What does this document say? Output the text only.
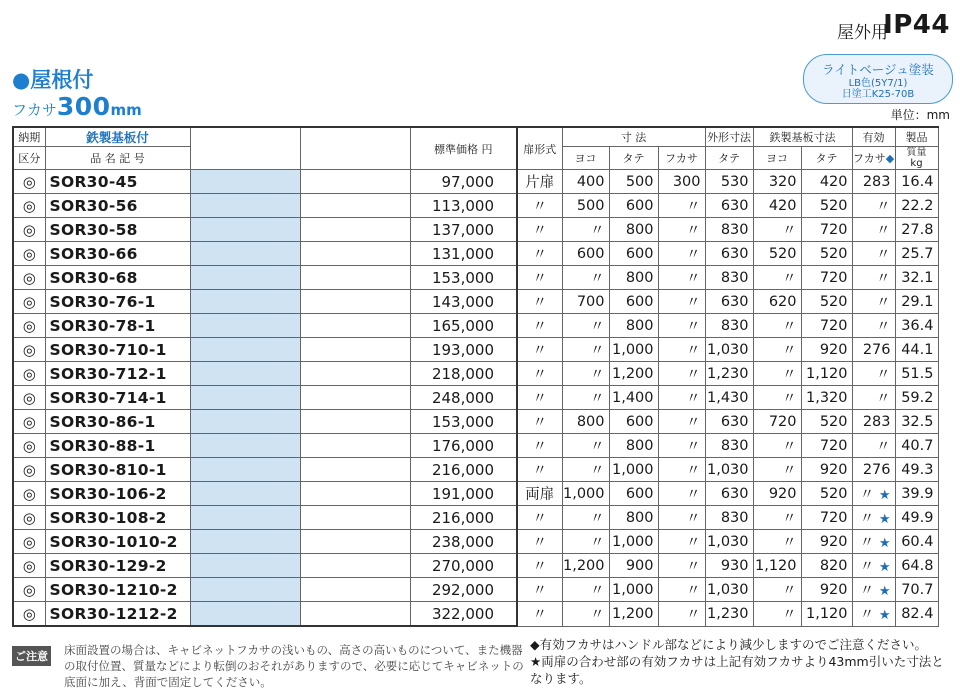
屋外用
IP44
ライトベージュ塗装
LB色(5Y7/1)
日塗工K25-70B
単位：mm
●屋根付
フカサ300mm
納期	鉄製基板付			標準価格 円	扉形式	寸 法			外形寸法	鉄製基板寸法		有効	製品
区分	品 名 記 号					ヨコ	タテ	フカサ	タテ	ヨコ	タテ	フカサ◆	質量
kg

◎	SOR30-45			97,000	片扉	400	500	300	530	320	420	283	16.4
◎	SOR30-56			113,000	〃	500	600	〃	630	420	520	〃	22.2
◎	SOR30-58			137,000	〃	〃	800	〃	830	〃	720	〃	27.8
◎	SOR30-66			131,000	〃	600	600	〃	630	520	520	〃	25.7
◎	SOR30-68			153,000	〃	〃	800	〃	830	〃	720	〃	32.1
◎	SOR30-76-1			143,000	〃	700	600	〃	630	620	520	〃	29.1
◎	SOR30-78-1			165,000	〃	〃	800	〃	830	〃	720	〃	36.4
◎	SOR30-710-1			193,000	〃	〃	1,000	〃	1,030	〃	920	276	44.1
◎	SOR30-712-1			218,000	〃	〃	1,200	〃	1,230	〃	1,120	〃	51.5
◎	SOR30-714-1			248,000	〃	〃	1,400	〃	1,430	〃	1,320	〃	59.2
◎	SOR30-86-1			153,000	〃	800	600	〃	630	720	520	283	32.5
◎	SOR30-88-1			176,000	〃	〃	800	〃	830	〃	720	〃	40.7
◎	SOR30-810-1			216,000	〃	〃	1,000	〃	1,030	〃	920	276	49.3
◎	SOR30-106-2			191,000	両扉	1,000	600	〃	630	920	520	〃 ★	39.9
◎	SOR30-108-2			216,000	〃	〃	800	〃	830	〃	720	〃 ★	49.9
◎	SOR30-1010-2			238,000	〃	〃	1,000	〃	1,030	〃	920	〃 ★	60.4
◎	SOR30-129-2			270,000	〃	1,200	900	〃	930	1,120	820	〃 ★	64.8
◎	SOR30-1210-2			292,000	〃	〃	1,000	〃	1,030	〃	920	〃 ★	70.7
◎	SOR30-1212-2			322,000	〃	〃	1,200	〃	1,230	〃	1,120	〃 ★	82.4
ご注意 床面設置の場合は、キャビネットフカサの浅いもの、高さの高いものについて、また機器の取付位置、質量などにより転倒のおそれがありますので、必要に応じてキャビネットの底面に加え、背面で固定してください。
◆有効フカサはハンドル部などにより減少しますのでご注意ください。
★両扉の合わせ部の有効フカサは上記有効フカサより43mm引いた寸法となります。
